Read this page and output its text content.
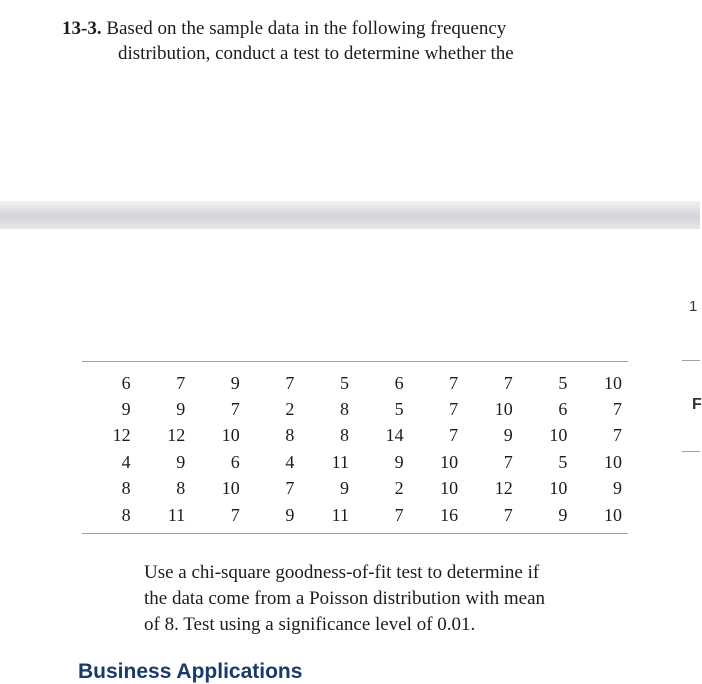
13-3. Based on the sample data in the following frequency
distribution, conduct a test to determine whether the
1
F
6	7	9	7	5	6	7	7	5	10
9	9	7	2	8	5	7	10	6	7
12	12	10	8	8	14	7	9	10	7
4	9	6	4	11	9	10	7	5	10
8	8	10	7	9	2	10	12	10	9
8	11	7	9	11	7	16	7	9	10
Use a chi-square goodness-of-fit test to determine if
the data come from a Poisson distribution with mean
of 8. Test using a significance level of 0.01.
Business Applications
